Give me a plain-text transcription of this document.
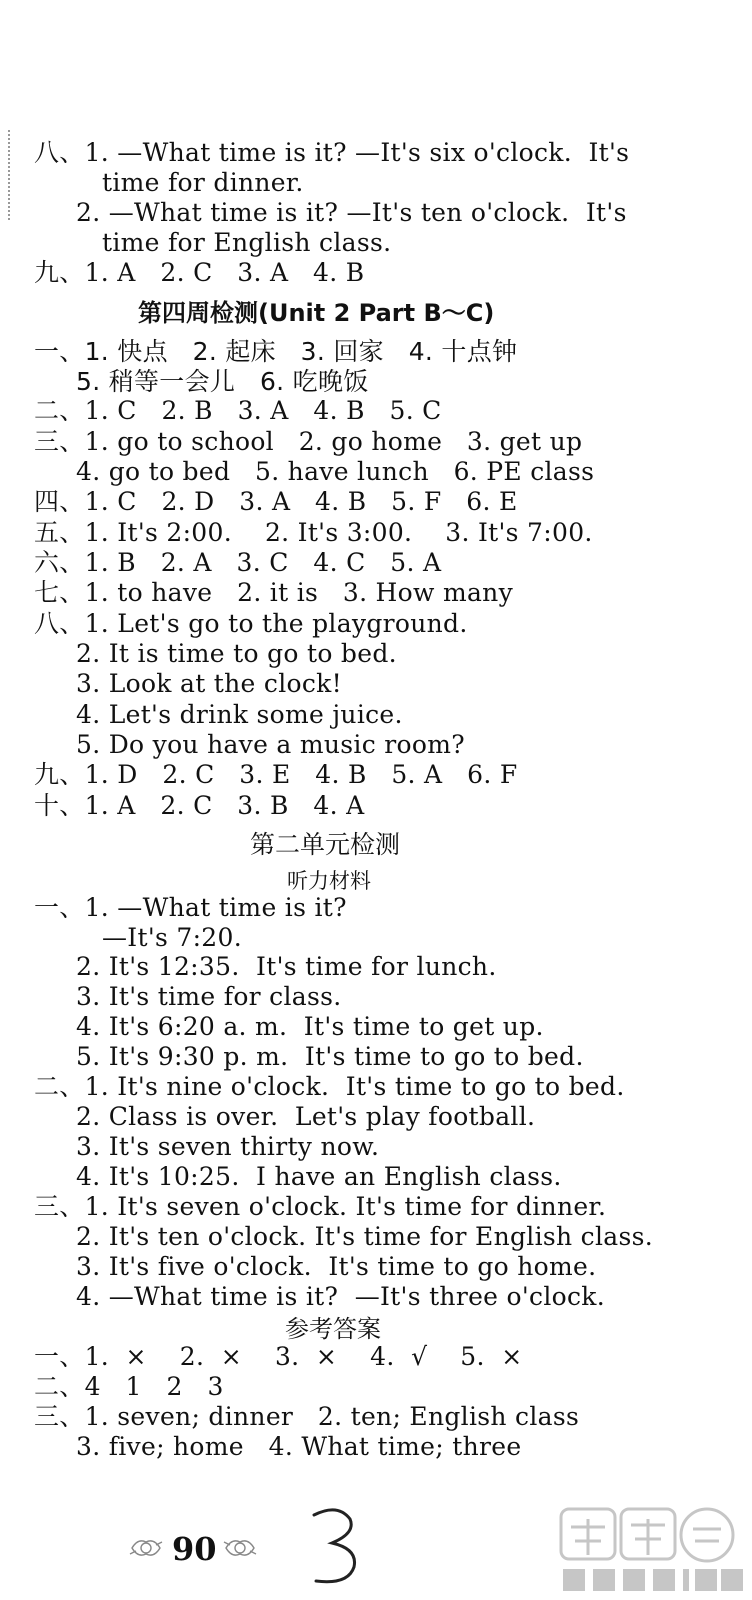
八、1. —What time is it? —It's six o'clock.  It's
time for dinner.
2. —What time is it? —It's ten o'clock.  It's
time for English class.
九、1. A   2. C   3. A   4. B
第四周检测(Unit 2 Part B～C)
一、1. 快点   2. 起床   3. 回家   4. 十点钟
5. 稍等一会儿   6. 吃晚饭
二、1. C   2. B   3. A   4. B   5. C
三、1. go to school   2. go home   3. get up
4. go to bed   5. have lunch   6. PE class
四、1. C   2. D   3. A   4. B   5. F   6. E
五、1. It's 2:00.    2. It's 3:00.    3. It's 7:00.
六、1. B   2. A   3. C   4. C   5. A
七、1. to have   2. it is   3. How many
八、1. Let's go to the playground.
2. It is time to go to bed.
3. Look at the clock!
4. Let's drink some juice.
5. Do you have a music room?
九、1. D   2. C   3. E   4. B   5. A   6. F
十、1. A   2. C   3. B   4. A
第二单元检测
听力材料
一、1. —What time is it?
—It's 7:20.
2. It's 12:35.  It's time for lunch.
3. It's time for class.
4. It's 6:20 a. m.  It's time to get up.
5. It's 9:30 p. m.  It's time to go to bed.
二、1. It's nine o'clock.  It's time to go to bed.
2. Class is over.  Let's play football.
3. It's seven thirty now.
4. It's 10:25.  I have an English class.
三、1. It's seven o'clock. It's time for dinner.
2. It's ten o'clock. It's time for English class.
3. It's five o'clock.  It's time to go home.
4. —What time is it?  —It's three o'clock.
参考答案
一、1.  ×    2.  ×    3.  ×    4.  √    5.  ×
二、4   1   2   3
三、1. seven; dinner   2. ten; English class
3. five; home   4. What time; three
90
